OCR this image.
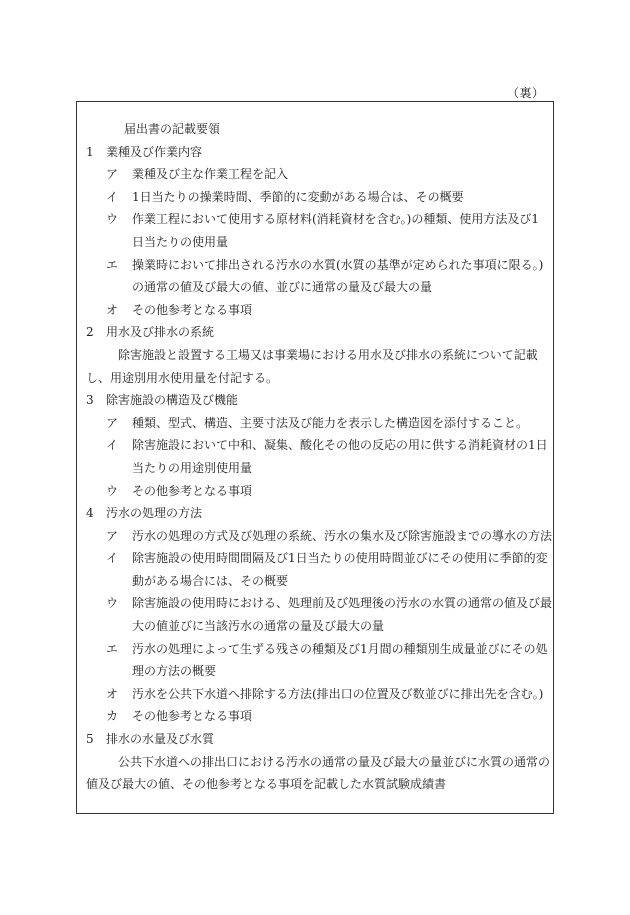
（裏）
届出書の記載要領
1	業種及び作業内容
ア	業種及び主な作業工程を記入
イ	1日当たりの操業時間、季節的に変動がある場合は、その概要
ウ	作業工程において使用する原材料(消耗資材を含む。)の種類、使用方法及び1
日当たりの使用量
エ	操業時において排出される汚水の水質(水質の基準が定められた事項に限る。)
の通常の値及び最大の値、並びに通常の量及び最大の量
オ	その他参考となる事項
2	用水及び排水の系統
除害施設と設置する工場又は事業場における用水及び排水の系統について記載
し、用途別用水使用量を付記する。
3	除害施設の構造及び機能
ア	種類、型式、構造、主要寸法及び能力を表示した構造図を添付すること。
イ	除害施設において中和、凝集、酸化その他の反応の用に供する消耗資材の1日
当たりの用途別使用量
ウ	その他参考となる事項
4	汚水の処理の方法
ア	汚水の処理の方式及び処理の系統、汚水の集水及び除害施設までの導水の方法
イ	除害施設の使用時間間隔及び1日当たりの使用時間並びにその使用に季節的変
動がある場合には、その概要
ウ	除害施設の使用時における、処理前及び処理後の汚水の水質の通常の値及び最
大の値並びに当該汚水の通常の量及び最大の量
エ	汚水の処理によって生ずる残さの種類及び1月間の種類別生成量並びにその処
理の方法の概要
オ	汚水を公共下水道へ排除する方法(排出口の位置及び数並びに排出先を含む。)
カ	その他参考となる事項
5	排水の水量及び水質
公共下水道への排出口における汚水の通常の量及び最大の量並びに水質の通常の
値及び最大の値、その他参考となる事項を記載した水質試験成績書
